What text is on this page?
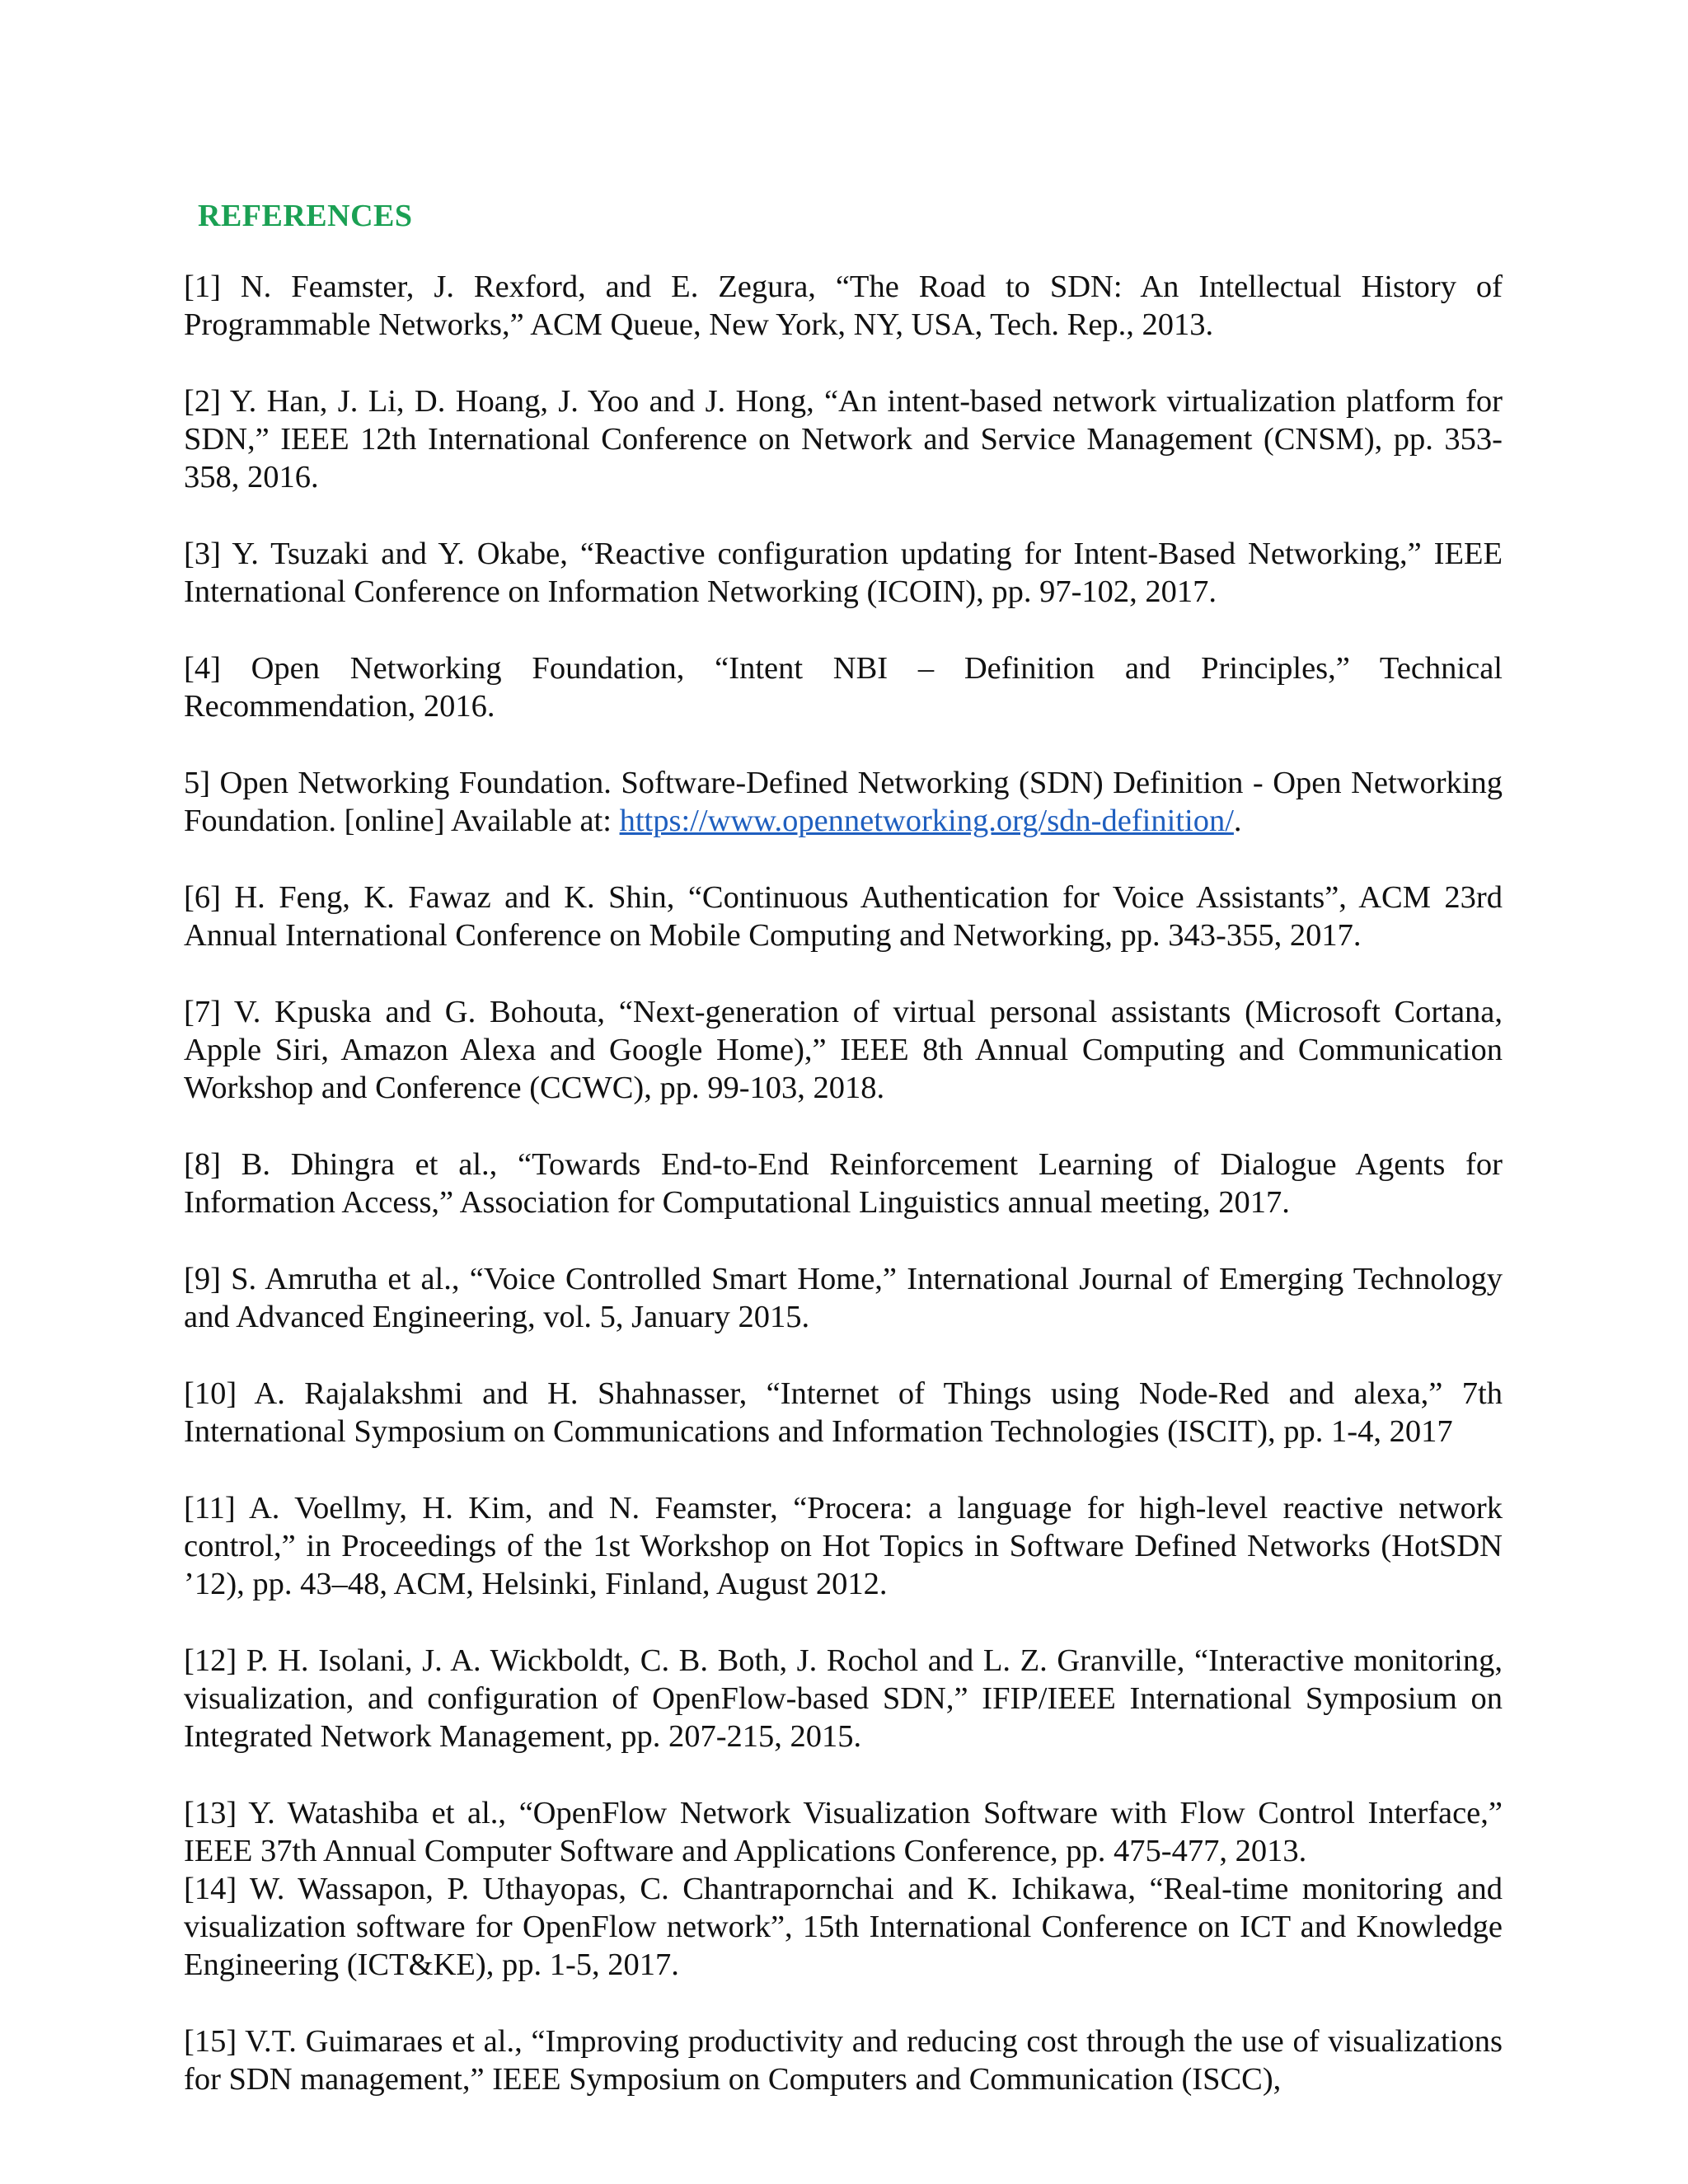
REFERENCES

[1] N. Feamster, J. Rexford, and E. Zegura, “The Road to SDN: An Intellectual History of Programmable Networks,” ACM Queue, New York, NY, USA, Tech. Rep., 2013.

[2] Y. Han, J. Li, D. Hoang, J. Yoo and J. Hong, “An intent-based network virtualization platform for SDN,” IEEE 12th International Conference on Network and Service Management (CNSM), pp. 353- 358, 2016.

[3] Y. Tsuzaki and Y. Okabe, “Reactive configuration updating for Intent-Based Networking,” IEEE International Conference on Information Networking (ICOIN), pp. 97-102, 2017.

[4] Open Networking Foundation, “Intent NBI – Definition and Principles,” Technical Recommendation, 2016.

5] Open Networking Foundation. Software-Defined Networking (SDN) Definition - Open Networking Foundation. [online] Available at: https://www.opennetworking.org/sdn-definition/.

[6] H. Feng, K. Fawaz and K. Shin, “Continuous Authentication for Voice Assistants”, ACM 23rd Annual International Conference on Mobile Computing and Networking, pp. 343-355, 2017.

[7] V. Kpuska and G. Bohouta, “Next-generation of virtual personal assistants (Microsoft Cortana, Apple Siri, Amazon Alexa and Google Home),” IEEE 8th Annual Computing and Communication Workshop and Conference (CCWC), pp. 99-103, 2018.

[8] B. Dhingra et al., “Towards End-to-End Reinforcement Learning of Dialogue Agents for Information Access,” Association for Computational Linguistics annual meeting, 2017.

[9] S. Amrutha et al., “Voice Controlled Smart Home,” International Journal of Emerging Technology and Advanced Engineering, vol. 5, January 2015.

[10] A. Rajalakshmi and H. Shahnasser, “Internet of Things using Node-Red and alexa,” 7th International Symposium on Communications and Information Technologies (ISCIT), pp. 1-4, 2017

[11] A. Voellmy, H. Kim, and N. Feamster, “Procera: a language for high-level reactive network control,” in Proceedings of the 1st Workshop on Hot Topics in Software Defined Networks (HotSDN ’12), pp. 43–48, ACM, Helsinki, Finland, August 2012.

[12] P. H. Isolani, J. A. Wickboldt, C. B. Both, J. Rochol and L. Z. Granville, “Interactive monitoring, visualization, and configuration of OpenFlow-based SDN,” IFIP/IEEE International Symposium on Integrated Network Management, pp. 207-215, 2015.

[13] Y. Watashiba et al., “OpenFlow Network Visualization Software with Flow Control Interface,” IEEE 37th Annual Computer Software and Applications Conference, pp. 475-477, 2013.

[14] W. Wassapon, P. Uthayopas, C. Chantrapornchai and K. Ichikawa, “Real-time monitoring and visualization software for OpenFlow network”, 15th International Conference on ICT and Knowledge Engineering (ICT&KE), pp. 1-5, 2017.

[15] V.T. Guimaraes et al., “Improving productivity and reducing cost through the use of visualizations for SDN management,” IEEE Symposium on Computers and Communication (ISCC),
